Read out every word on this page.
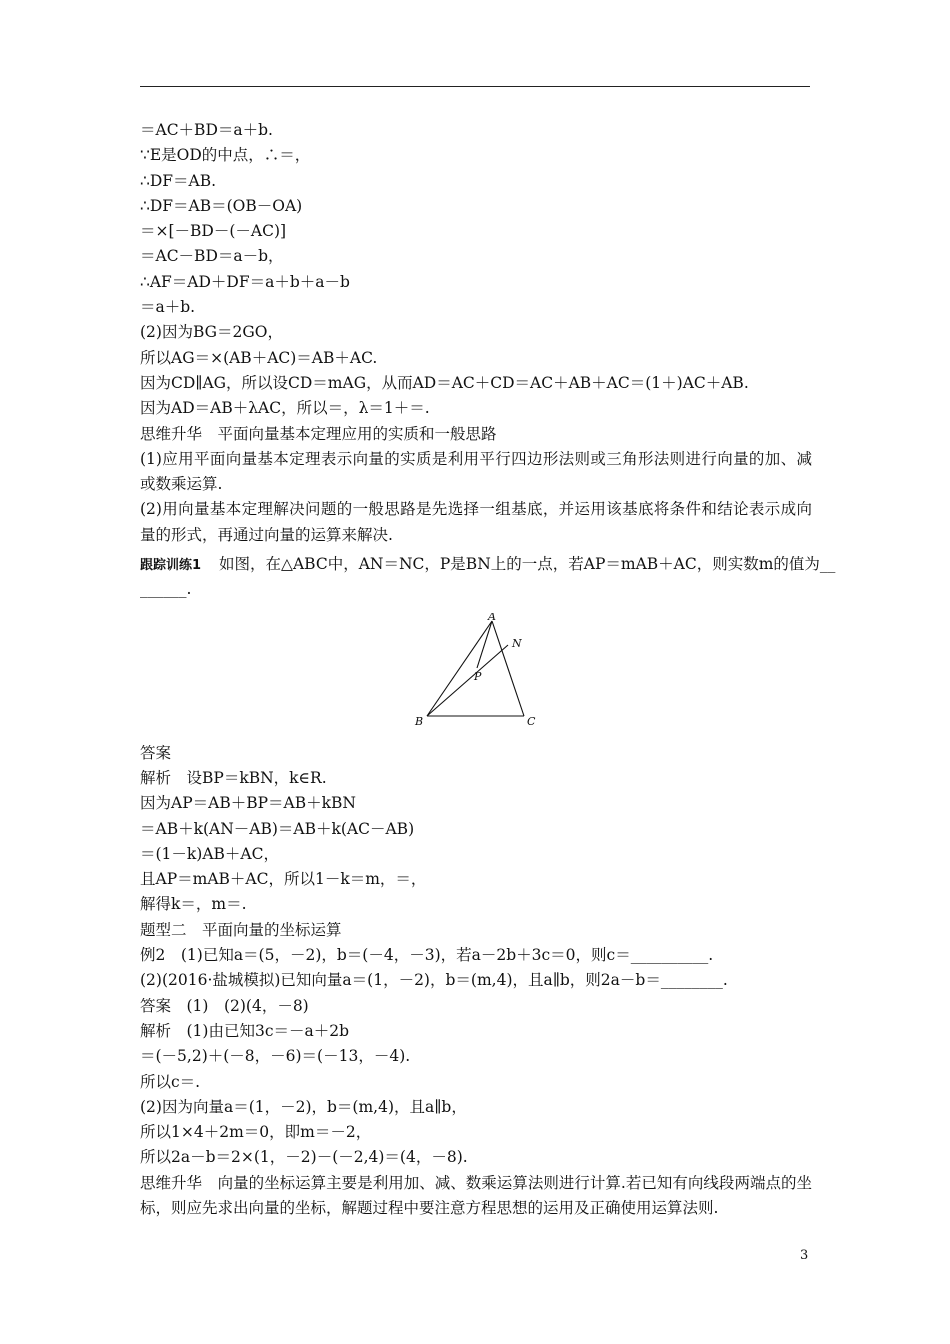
＝AC＋BD＝a＋b.
∵E是OD的中点，∴＝，
∴DF＝AB.
∴DF＝AB＝(OB－OA)
＝×[－BD－(－AC)]
＝AC－BD＝a－b，
∴AF＝AD＋DF＝a＋b＋a－b
＝a＋b.
(2)因为BG＝2GO，
所以AG＝×(AB＋AC)＝AB＋AC.
因为CD∥AG，所以设CD＝mAG，从而AD＝AC＋CD＝AC＋AB＋AC＝(1＋)AC＋AB.
因为AD＝AB＋λAC，所以＝，λ＝1＋＝.
思维升华　平面向量基本定理应用的实质和一般思路
(1)应用平面向量基本定理表示向量的实质是利用平行四边形法则或三角形法则进行向量的加、减或数乘运算.
(2)用向量基本定理解决问题的一般思路是先选择一组基底，并运用该基底将条件和结论表示成向量的形式，再通过向量的运算来解决.
跟踪训练1 如图，在△ABC中，AN＝NC，P是BN上的一点，若AP＝mAB＋AC，则实数m的值为__
______.
A
B	C
N
P
答案
解析　设BP＝kBN，k∈R.
因为AP＝AB＋BP＝AB＋kBN
＝AB＋k(AN－AB)＝AB＋k(AC－AB)
＝(1－k)AB＋AC，
且AP＝mAB＋AC，所以1－k＝m，＝，
解得k＝，m＝.
题型二　平面向量的坐标运算
例2　(1)已知a＝(5，－2)，b＝(－4，－3)，若a－2b＋3c＝0，则c＝__________.
(2)(2016·盐城模拟)已知向量a＝(1，－2)，b＝(m,4)，且a∥b，则2a－b＝________.
答案　(1)　(2)(4，－8)
解析　(1)由已知3c＝－a＋2b
＝(－5,2)＋(－8，－6)＝(－13，－4).
所以c＝.
(2)因为向量a＝(1，－2)，b＝(m,4)，且a∥b，
所以1×4＋2m＝0，即m＝－2，
所以2a－b＝2×(1，－2)－(－2,4)＝(4，－8).
思维升华　向量的坐标运算主要是利用加、减、数乘运算法则进行计算.若已知有向线段两端点的坐标，则应先求出向量的坐标，解题过程中要注意方程思想的运用及正确使用运算法则.
3
